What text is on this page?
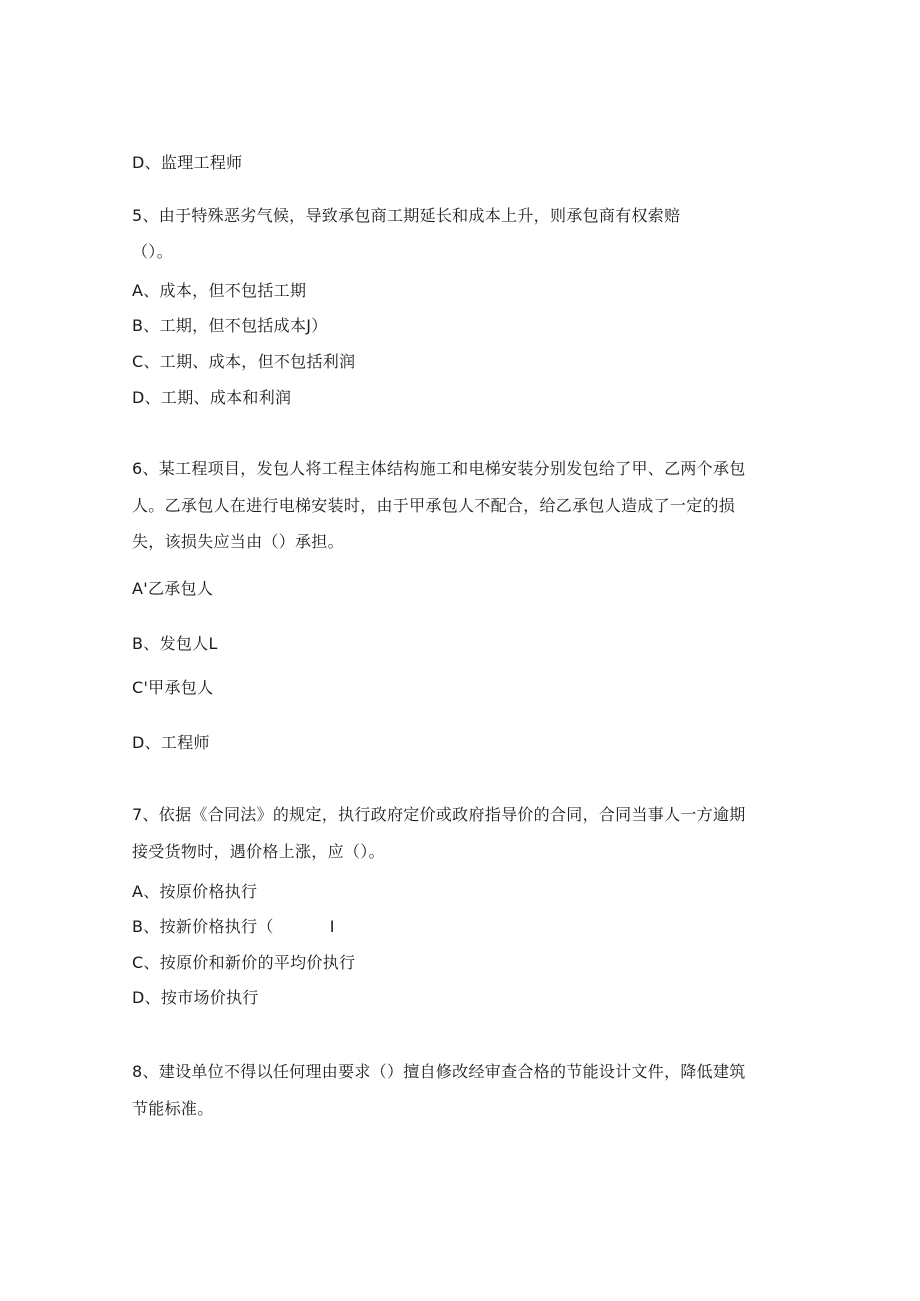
D、监理工程师
5、由于特殊恶劣气候，导致承包商工期延长和成本上升，则承包商有权索赔
（）。
A、成本，但不包括工期
B、工期，但不包括成本J）
C、工期、成本，但不包括利润
D、工期、成本和利润
6、某工程项目，发包人将工程主体结构施工和电梯安装分别发包给了甲、乙两个承包
人。乙承包人在进行电梯安装时，由于甲承包人不配合，给乙承包人造成了一定的损
失，该损失应当由（）承担。
A'乙承包人
B、发包人L
C'甲承包人
D、工程师
7、依据《合同法》的规定，执行政府定价或政府指导价的合同，合同当事人一方逾期
接受货物时，遇价格上涨，应（）。
A、按原价格执行
B、按新价格执行（	I
C、按原价和新价的平均价执行
D、按市场价执行
8、建设单位不得以任何理由要求（）擅自修改经审查合格的节能设计文件，降低建筑
节能标准。
